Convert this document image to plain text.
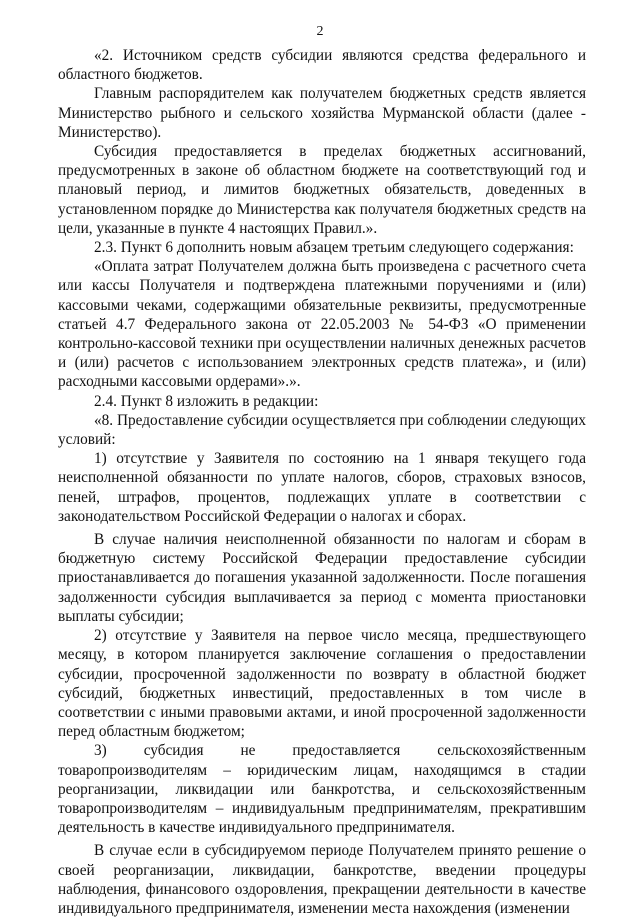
2

«2. Источником средств субсидии являются средства федерального и областного бюджетов.

Главным распорядителем как получателем бюджетных средств является Министерство рыбного и сельского хозяйства Мурманской области (далее - Министерство).

Субсидия предоставляется в пределах бюджетных ассигнований, предусмотренных в законе об областном бюджете на соответствующий год и плановый период, и лимитов бюджетных обязательств, доведенных в установленном порядке до Министерства как получателя бюджетных средств на цели, указанные в пункте 4 настоящих Правил.».

2.3. Пункт 6 дополнить новым абзацем третьим следующего содержания:

«Оплата затрат Получателем должна быть произведена с расчетного счета или кассы Получателя и подтверждена платежными поручениями и (или) кассовыми чеками, содержащими обязательные реквизиты, предусмотренные статьей 4.7 Федерального закона от 22.05.2003 № 54-ФЗ «О применении контрольно-кассовой техники при осуществлении наличных денежных расчетов и (или) расчетов с использованием электронных средств платежа», и (или) расходными кассовыми ордерами».».

2.4. Пункт 8 изложить в редакции:

«8. Предоставление субсидии осуществляется при соблюдении следующих условий:

1) отсутствие у Заявителя по состоянию на 1 января текущего года неисполненной обязанности по уплате налогов, сборов, страховых взносов, пеней, штрафов, процентов, подлежащих уплате в соответствии с законодательством Российской Федерации о налогах и сборах.

В случае наличия неисполненной обязанности по налогам и сборам в бюджетную систему Российской Федерации предоставление субсидии приостанавливается до погашения указанной задолженности. После погашения задолженности субсидия выплачивается за период с момента приостановки выплаты субсидии;

2) отсутствие у Заявителя на первое число месяца, предшествующего месяцу, в котором планируется заключение соглашения о предоставлении субсидии, просроченной задолженности по возврату в областной бюджет субсидий, бюджетных инвестиций, предоставленных в том числе в соответствии с иными правовыми актами, и иной просроченной задолженности перед областным бюджетом;

3) субсидия не предоставляется сельскохозяйственным товаропроизводителям – юридическим лицам, находящимся в стадии реорганизации, ликвидации или банкротства, и сельскохозяйственным товаропроизводителям – индивидуальным предпринимателям, прекратившим деятельность в качестве индивидуального предпринимателя.

В случае если в субсидируемом периоде Получателем принято решение о своей реорганизации, ликвидации, банкротстве, введении процедуры наблюдения, финансового оздоровления, прекращении деятельности в качестве индивидуального предпринимателя, изменении места нахождения (изменении
